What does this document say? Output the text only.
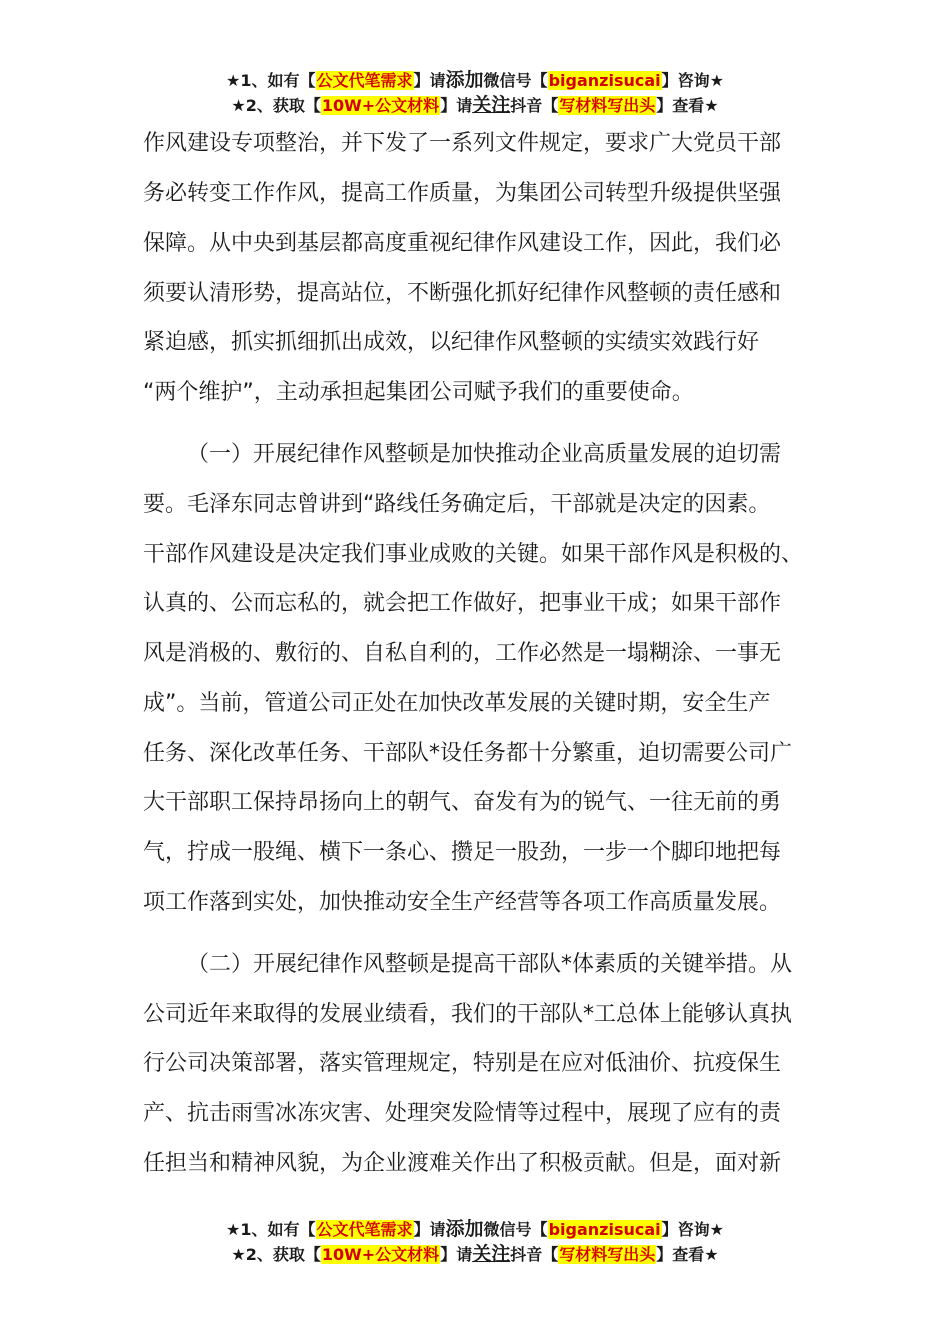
★1、如有【公文代笔需求】请添加微信号【biganzisucai】咨询★
★2、获取【10W+公文材料】请关注抖音【写材料写出头】查看★
作风建设专项整治，并下发了一系列文件规定，要求广大党员干部
务必转变工作作风，提高工作质量，为集团公司转型升级提供坚强
保障。从中央到基层都高度重视纪律作风建设工作，因此，我们必
须要认清形势，提高站位，不断强化抓好纪律作风整顿的责任感和
紧迫感，抓实抓细抓出成效，以纪律作风整顿的实绩实效践行好
“两个维护”，主动承担起集团公司赋予我们的重要使命。
（一）开展纪律作风整顿是加快推动企业高质量发展的迫切需
要。毛泽东同志曾讲到“路线任务确定后，干部就是决定的因素。
干部作风建设是决定我们事业成败的关键。如果干部作风是积极的、
认真的、公而忘私的，就会把工作做好，把事业干成；如果干部作
风是消极的、敷衍的、自私自利的，工作必然是一塌糊涂、一事无
成”。当前，管道公司正处在加快改革发展的关键时期，安全生产
任务、深化改革任务、干部队*设任务都十分繁重，迫切需要公司广
大干部职工保持昂扬向上的朝气、奋发有为的锐气、一往无前的勇
气，拧成一股绳、横下一条心、攒足一股劲，一步一个脚印地把每
项工作落到实处，加快推动安全生产经营等各项工作高质量发展。
（二）开展纪律作风整顿是提高干部队*体素质的关键举措。从
公司近年来取得的发展业绩看，我们的干部队*工总体上能够认真执
行公司决策部署，落实管理规定，特别是在应对低油价、抗疫保生
产、抗击雨雪冰冻灾害、处理突发险情等过程中，展现了应有的责
任担当和精神风貌，为企业渡难关作出了积极贡献。但是，面对新
★1、如有【公文代笔需求】请添加微信号【biganzisucai】咨询★
★2、获取【10W+公文材料】请关注抖音【写材料写出头】查看★
